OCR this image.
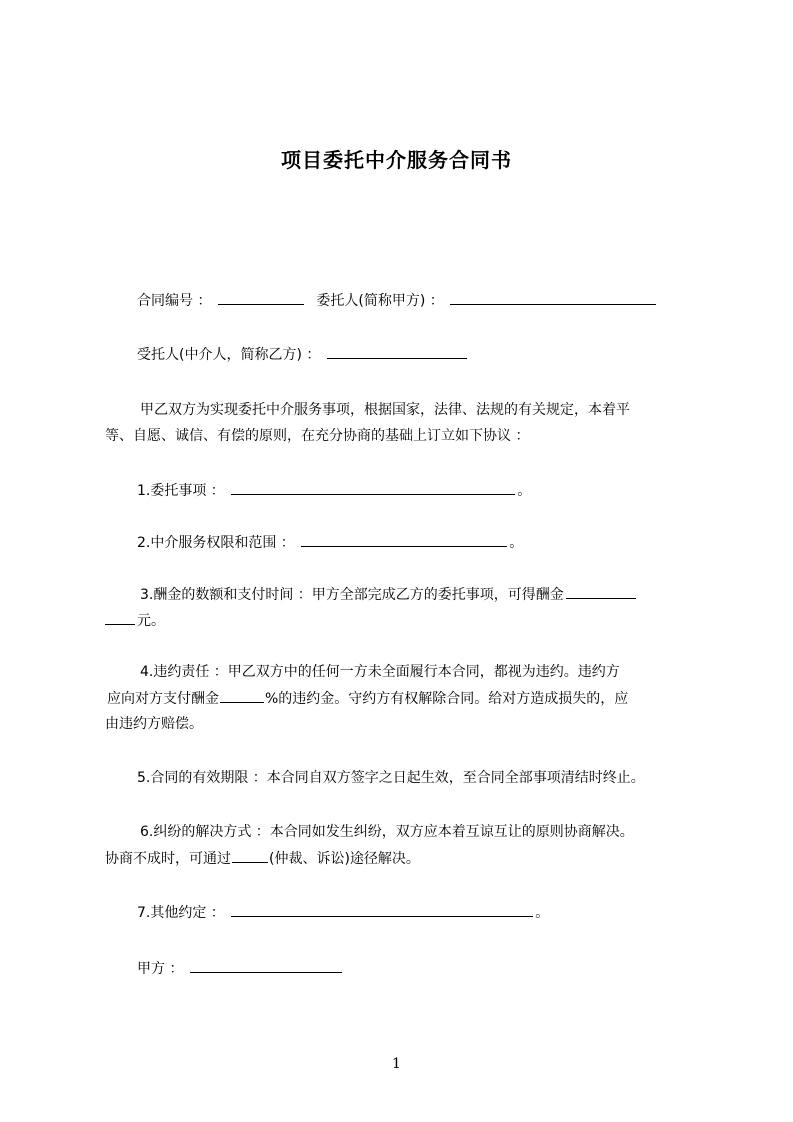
项目委托中介服务合同书
合同编号 ：	委托人(简称甲方) ：
受托人(中介人，简称乙方) ：
甲乙双方为实现委托中介服务事项，根据国家，法律、法规的有关规定，本着平
等、自愿、诚信、有偿的原则，在充分协商的基础上订立如下协议 ：
1.委托事项 ：	。
2.中介服务权限和范围 ：	。
3.酬金的数额和支付时间 ：甲方全部完成乙方的委托事项，可得酬金
元。
4.违约责任 ：甲乙双方中的任何一方未全面履行本合同，都视为违约。违约方
应向对方支付酬金	%的违约金。守约方有权解除合同。给对方造成损失的，应
由违约方赔偿。
5.合同的有效期限 ：本合同自双方签字之日起生效，至合同全部事项清结时终止。
6.纠纷的解决方式 ：本合同如发生纠纷，双方应本着互谅互让的原则协商解决。
协商不成时，可通过	(仲裁、诉讼)途径解决。
7.其他约定 ：	。
甲方 ：
1
